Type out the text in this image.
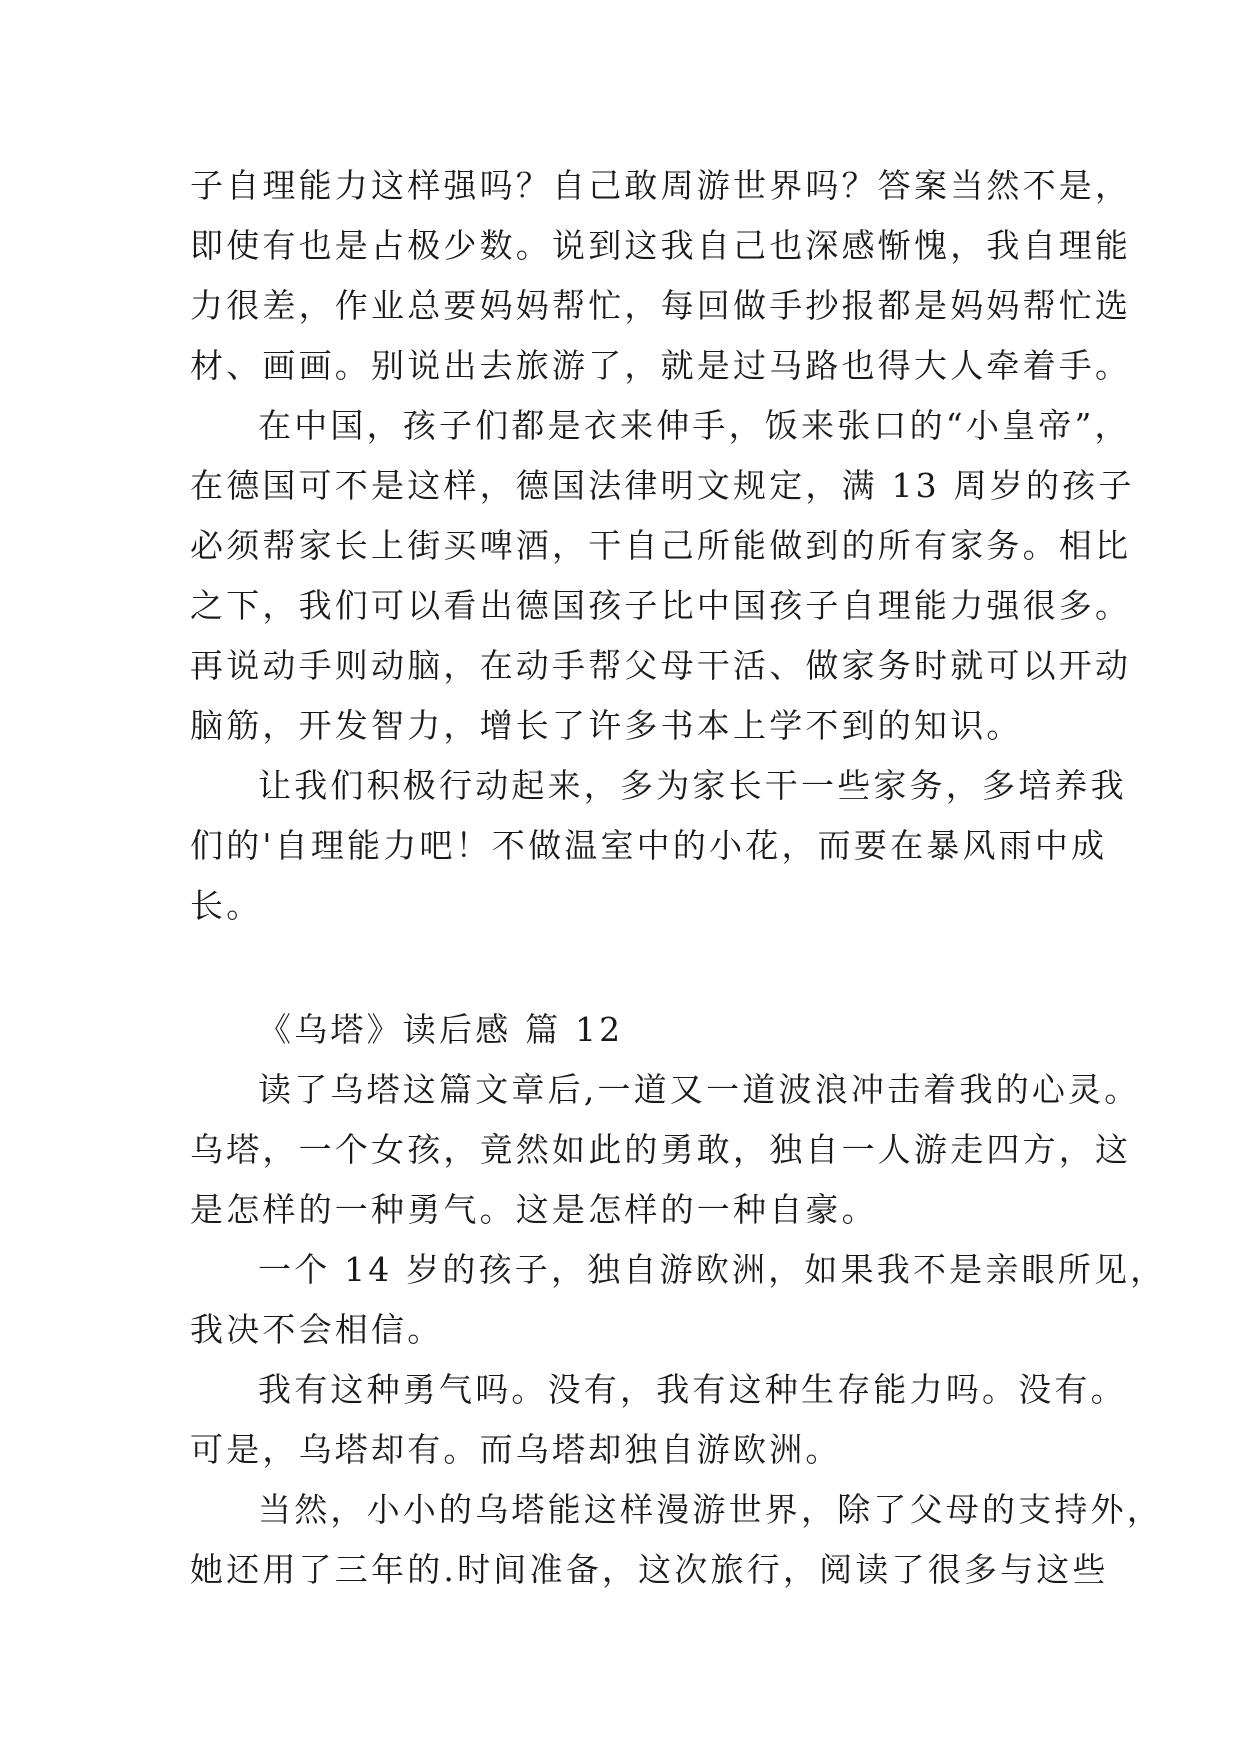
子自理能力这样强吗？自己敢周游世界吗？答案当然不是，
即使有也是占极少数。说到这我自己也深感惭愧，我自理能
力很差，作业总要妈妈帮忙，每回做手抄报都是妈妈帮忙选
材、画画。别说出去旅游了，就是过马路也得大人牵着手。
在中国，孩子们都是衣来伸手，饭来张口的“小皇帝”，
在德国可不是这样，德国法律明文规定，满 13 周岁的孩子
必须帮家长上街买啤酒，干自己所能做到的所有家务。相比
之下，我们可以看出德国孩子比中国孩子自理能力强很多。
再说动手则动脑，在动手帮父母干活、做家务时就可以开动
脑筋，开发智力，增长了许多书本上学不到的知识。
让我们积极行动起来，多为家长干一些家务，多培养我
们的'自理能力吧！不做温室中的小花，而要在暴风雨中成
长。
《乌塔》读后感 篇 12
读了乌塔这篇文章后,一道又一道波浪冲击着我的心灵。
乌塔，一个女孩，竟然如此的勇敢，独自一人游走四方，这
是怎样的一种勇气。这是怎样的一种自豪。
一个 14 岁的孩子，独自游欧洲，如果我不是亲眼所见，
我决不会相信。
我有这种勇气吗。没有，我有这种生存能力吗。没有。
可是，乌塔却有。而乌塔却独自游欧洲。
当然，小小的乌塔能这样漫游世界，除了父母的支持外，
她还用了三年的.时间准备，这次旅行，阅读了很多与这些
